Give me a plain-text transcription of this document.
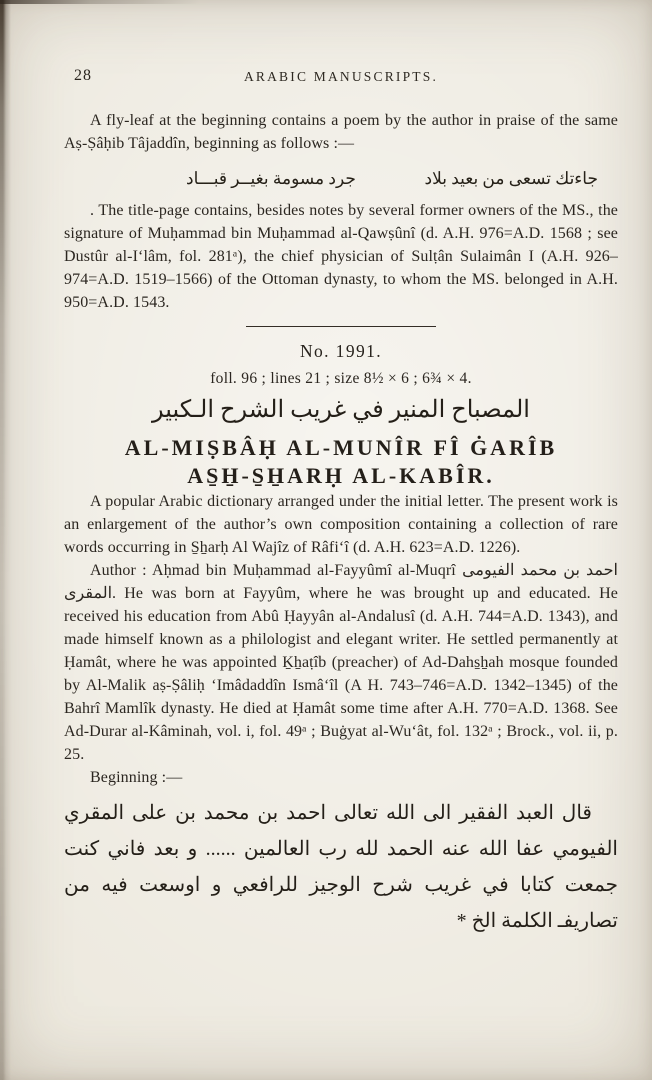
28	ARABIC MANUSCRIPTS.

A fly-leaf at the beginning contains a poem by the author in praise of the same Aṣ-Ṣâḥib Tâjaddîn, beginning as follows :—

جاءتك تسعى من بعيد بلاد
جرد مسومة بغيــر قبـــاد

. The title-page contains, besides notes by several former owners of the MS., the signature of Muḥammad bin Muḥammad al-Qawṣûnî (d. A.H. 976=A.D. 1568 ; see Dustûr al-I‘lâm, fol. 281ᵃ), the chief physician of Sulṭân Sulaimân I (A.H. 926–974=A.D. 1519–1566) of the Ottoman dynasty, to whom the MS. belonged in A.H. 950=A.D. 1543.

No. 1991.
foll. 96 ; lines 21 ; size 8½ × 6 ; 6¾ × 4.
المصباح المنير في غريب الشرح الـكبير
AL-MIṢBÂḤ AL-MUNÎR FÎ ĠARÎB
AS̱H̱-S̱H̱ARḤ AL-KABÎR.

A popular Arabic dictionary arranged under the initial letter. The present work is an enlargement of the author’s own composition containing a collection of rare words occurring in S̱ẖarḥ Al Wajîz of Râfi‘î (d. A.H. 623=A.D. 1226).

Author : Aḥmad bin Muḥammad al-Fayyûmî al-Muqrî احمد بن محمد الفيومى المقرى. He was born at Fayyûm, where he was brought up and educated. He received his education from Abû Ḥayyân al-Andalusî (d. A.H. 744=A.D. 1343), and made himself known as a philologist and elegant writer. He settled permanently at Ḥamât, where he was appointed Ḵẖaṭîb (preacher) of Ad-Dahs̱ẖah mosque founded by Al-Malik aṣ-Ṣâliḥ ‘Imâdaddîn Ismâ‘îl (A H. 743–746=A.D. 1342–1345) of the Bahrî Mamlîk dynasty. He died at Ḥamât some time after A.H. 770=A.D. 1368. See Ad-Durar al-Kâminah, vol. i, fol. 49ᵃ ; Buġyat al-Wu‘ât, fol. 132ᵃ ; Brock., vol. ii, p. 25.

Beginning :—

قال العبد الفقير الى الله تعالى احمد بن محمد بن على المقري
الفيومي عفا الله عنه الحمد لله رب العالمين ...... و بعد فاني كنت
جمعت كتابا في غريب شرح الوجيز للرافعي و اوسعت فيه من
تصاريفـ الكلمة الخ *
